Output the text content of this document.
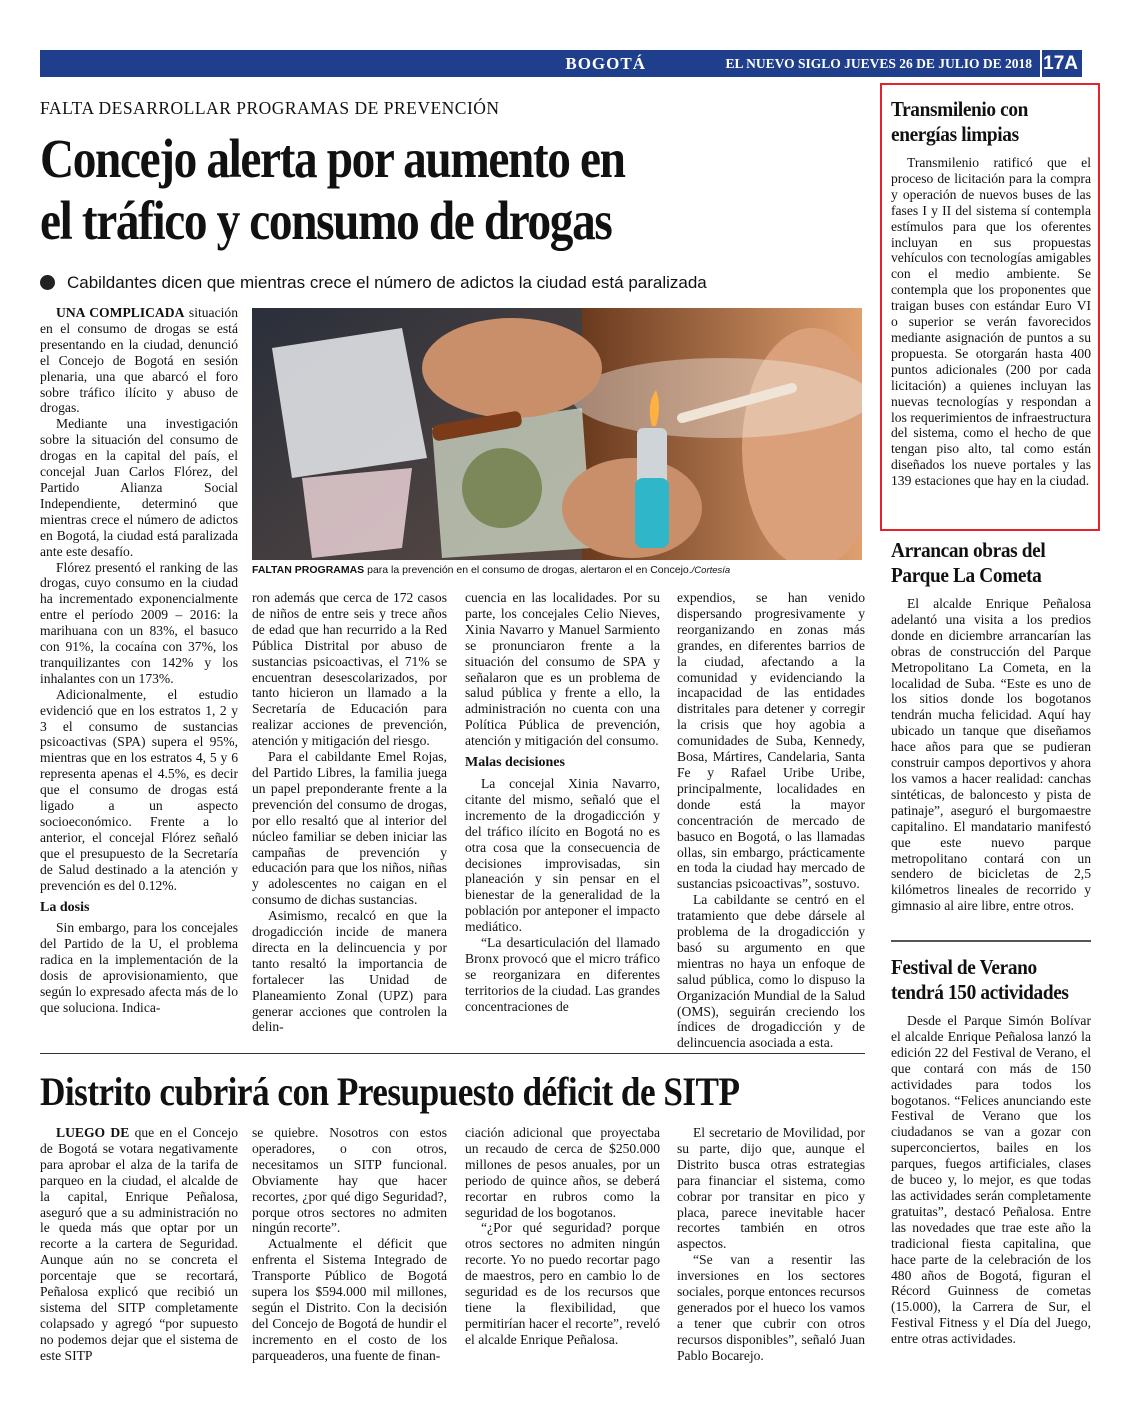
BOGOTÁ	EL NUEVO SIGLO JUEVES 26 DE JULIO DE 2018 17A
FALTA DESARROLLAR PROGRAMAS DE PREVENCIÓN
Concejo alerta por aumento en
el tráfico y consumo de drogas
Cabildantes dicen que mientras crece el número de adictos la ciudad está paralizada

UNA COMPLICADA situación en el consumo de drogas se está presentando en la ciudad, denunció el Concejo de Bogotá en sesión plenaria, una que abarcó el foro sobre tráfico ilícito y abuso de drogas.

Mediante una investigación sobre la situación del consumo de drogas en la capital del país, el concejal Juan Carlos Flórez, del Partido Alianza Social Independiente, determinó que mientras crece el número de adictos en Bogotá, la ciudad está paralizada ante este desafío.

Flórez presentó el ranking de las drogas, cuyo consumo en la ciudad ha incrementado exponencialmente entre el período 2009 – 2016: la marihuana con un 83%, el basuco con 91%, la cocaína con 37%, los tranquilizantes con 142% y los inhalantes con un 173%.

Adicionalmente, el estudio evidenció que en los estratos 1, 2 y 3 el consumo de sustancias psicoactivas (SPA) supera el 95%, mientras que en los estratos 4, 5 y 6 representa apenas el 4.5%, es decir que el consumo de drogas está ligado a un aspecto socioeconómico. Frente a lo anterior, el concejal Flórez señaló que el presupuesto de la Secretaría de Salud destinado a la atención y prevención es del 0.12%.

La dosis

Sin embargo, para los concejales del Partido de la U, el problema radica en la implementación de la dosis de aprovisionamiento, que según lo expresado afecta más de lo que soluciona. Indica-

FALTAN PROGRAMAS para la prevención en el consumo de drogas, alertaron el en Concejo./Cortesía

ron además que cerca de 172 casos de niños de entre seis y trece años de edad que han recurrido a la Red Pública Distrital por abuso de sustancias psicoactivas, el 71% se encuentran desescolarizados, por tanto hicieron un llamado a la Secretaría de Educación para realizar acciones de prevención, atención y mitigación del riesgo.

Para el cabildante Emel Rojas, del Partido Libres, la familia juega un papel preponderante frente a la prevención del consumo de drogas, por ello resaltó que al interior del núcleo familiar se deben iniciar las campañas de prevención y educación para que los niños, niñas y adolescentes no caigan en el consumo de dichas sustancias.

Asimismo, recalcó en que la drogadicción incide de manera directa en la delincuencia y por tanto resaltó la importancia de fortalecer las Unidad de Planeamiento Zonal (UPZ) para generar acciones que controlen la delin-

cuencia en las localidades. Por su parte, los concejales Celio Nieves, Xinia Navarro y Manuel Sarmiento se pronunciaron frente a la situación del consumo de SPA y señalaron que es un problema de salud pública y frente a ello, la administración no cuenta con una Política Pública de prevención, atención y mitigación del consumo.

Malas decisiones

La concejal Xinia Navarro, citante del mismo, señaló que el incremento de la drogadicción y del tráfico ilícito en Bogotá no es otra cosa que la consecuencia de decisiones improvisadas, sin planeación y sin pensar en el bienestar de la generalidad de la población por anteponer el impacto mediático.

“La desarticulación del llamado Bronx provocó que el micro tráfico se reorganizara en diferentes territorios de la ciudad. Las grandes concentraciones de

expendios, se han venido dispersando progresivamente y reorganizando en zonas más grandes, en diferentes barrios de la ciudad, afectando a la comunidad y evidenciando la incapacidad de las entidades distritales para detener y corregir la crisis que hoy agobia a comunidades de Suba, Kennedy, Bosa, Mártires, Candelaria, Santa Fe y Rafael Uribe Uribe, principalmente, localidades en donde está la mayor concentración de mercado de basuco en Bogotá, o las llamadas ollas, sin embargo, prácticamente en toda la ciudad hay mercado de sustancias psicoactivas”, sostuvo.

La cabildante se centró en el tratamiento que debe dársele al problema de la drogadicción y basó su argumento en que mientras no haya un enfoque de salud pública, como lo dispuso la Organización Mundial de la Salud (OMS), seguirán creciendo los índices de drogadicción y de delincuencia asociada a esta.

Distrito cubrirá con Presupuesto déficit de SITP

LUEGO DE que en el Concejo de Bogotá se votara negativamente para aprobar el alza de la tarifa de parqueo en la ciudad, el alcalde de la capital, Enrique Peñalosa, aseguró que a su administración no le queda más que optar por un recorte a la cartera de Seguridad. Aunque aún no se concreta el porcentaje que se recortará, Peñalosa explicó que recibió un sistema del SITP completamente colapsado y agregó “por supuesto no podemos dejar que el sistema de este SITP

se quiebre. Nosotros con estos operadores, o con otros, necesitamos un SITP funcional. Obviamente hay que hacer recortes, ¿por qué digo Seguridad?, porque otros sectores no admiten ningún recorte”.

Actualmente el déficit que enfrenta el Sistema Integrado de Transporte Público de Bogotá supera los $594.000 mil millones, según el Distrito. Con la decisión del Concejo de Bogotá de hundir el incremento en el costo de los parqueaderos, una fuente de finan-

ciación adicional que proyectaba un recaudo de cerca de $250.000 millones de pesos anuales, por un periodo de quince años, se deberá recortar en rubros como la seguridad de los bogotanos.

“¿Por qué seguridad? porque otros sectores no admiten ningún recorte. Yo no puedo recortar pago de maestros, pero en cambio lo de seguridad es de los recursos que tiene la flexibilidad, que permitirían hacer el recorte”, reveló el alcalde Enrique Peñalosa.

El secretario de Movilidad, por su parte, dijo que, aunque el Distrito busca otras estrategias para financiar el sistema, como cobrar por transitar en pico y placa, parece inevitable hacer recortes también en otros aspectos.

“Se van a resentir las inversiones en los sectores sociales, porque entonces recursos generados por el hueco los vamos a tener que cubrir con otros recursos disponibles”, señaló Juan Pablo Bocarejo.

Transmilenio con
energías limpias

Transmilenio ratificó que el proceso de licitación para la compra y operación de nuevos buses de las fases I y II del sistema sí contempla estímulos para que los oferentes incluyan en sus propuestas vehículos con tecnologías amigables con el medio ambiente. Se contempla que los proponentes que traigan buses con estándar Euro VI o superior se verán favorecidos mediante asignación de puntos a su propuesta. Se otorgarán hasta 400 puntos adicionales (200 por cada licitación) a quienes incluyan las nuevas tecnologías y respondan a los requerimientos de infraestructura del sistema, como el hecho de que tengan piso alto, tal como están diseñados los nueve portales y las 139 estaciones que hay en la ciudad.

Arrancan obras del
Parque La Cometa

El alcalde Enrique Peñalosa adelantó una visita a los predios donde en diciembre arrancarían las obras de construcción del Parque Metropolitano La Cometa, en la localidad de Suba. “Este es uno de los sitios donde los bogotanos tendrán mucha felicidad. Aquí hay ubicado un tanque que diseñamos hace años para que se pudieran construir campos deportivos y ahora los vamos a hacer realidad: canchas sintéticas, de baloncesto y pista de patinaje”, aseguró el burgomaestre capitalino. El mandatario manifestó que este nuevo parque metropolitano contará con un sendero de bicicletas de 2,5 kilómetros lineales de recorrido y gimnasio al aire libre, entre otros.

Festival de Verano
tendrá 150 actividades

Desde el Parque Simón Bolívar el alcalde Enrique Peñalosa lanzó la edición 22 del Festival de Verano, el que contará con más de 150 actividades para todos los bogotanos. “Felices anunciando este Festival de Verano que los ciudadanos se van a gozar con superconciertos, bailes en los parques, fuegos artificiales, clases de buceo y, lo mejor, es que todas las actividades serán completamente gratuitas”, destacó Peñalosa. Entre las novedades que trae este año la tradicional fiesta capitalina, que hace parte de la celebración de los 480 años de Bogotá, figuran el Récord Guinness de cometas (15.000), la Carrera de Sur, el Festival Fitness y el Día del Juego, entre otras actividades.
